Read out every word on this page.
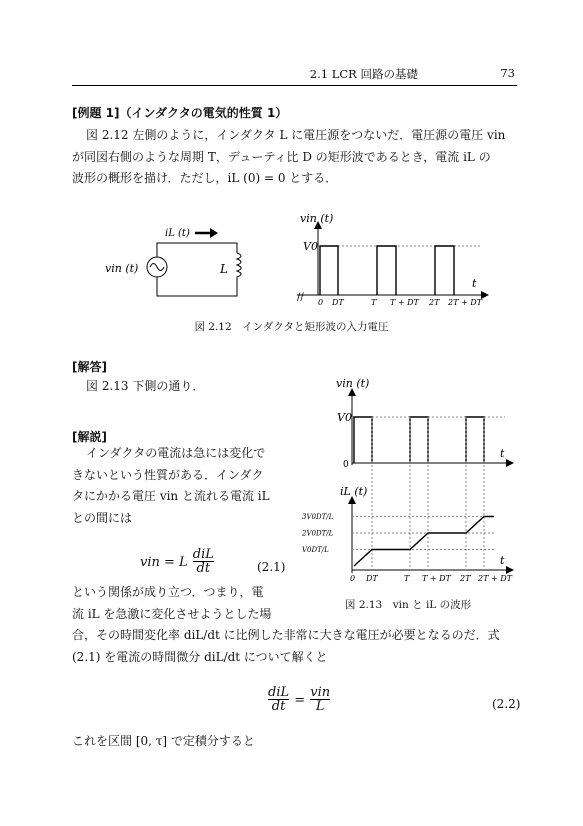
2.1 LCR 回路の基礎	73
[例題 1]（インダクタの電気的性質 1）
図 2.12 左側のように，インダクタ L に電圧源をつないだ．電圧源の電圧 vin
が同図右側のような周期 T，デューティ比 D の矩形波であるとき，電流 iL の
波形の概形を描け．ただし，iL (0) = 0 とする．
iL (t)
vin (t)	L
//
vin (t)
V0
t
0 DT	T T + DT 2T 2T + DT
図 2.12　インダクタと矩形波の入力電圧
[解答]
図 2.13 下側の通り．
[解説]
インダクタの電流は急には変化で
きないという性質がある．インダク
タにかかる電圧 vin と流れる電流 iL
との間には
vin = L $\frac{\text{diL}}{dt}$	(2.1)
という関係が成り立つ．つまり，電
流 iL を急激に変化させようとした場
合，その時間変化率 diL/dt に比例した非常に大きな電圧が必要となるのだ．式
(2.1) を電流の時間微分 diL/dt について解くと
$\frac{\text{diL}}{dt} = \frac{\text{vin}}{L}$	(2.2)
これを区間 [0, τ] で定積分すると
vin (t)
V0
0
t
iL (t)
3V0DT/L
2V0DT/L
V0DT/L
t
0 DT	T T + DT 2T 2T + DT
図 2.13　vin と iL の波形
